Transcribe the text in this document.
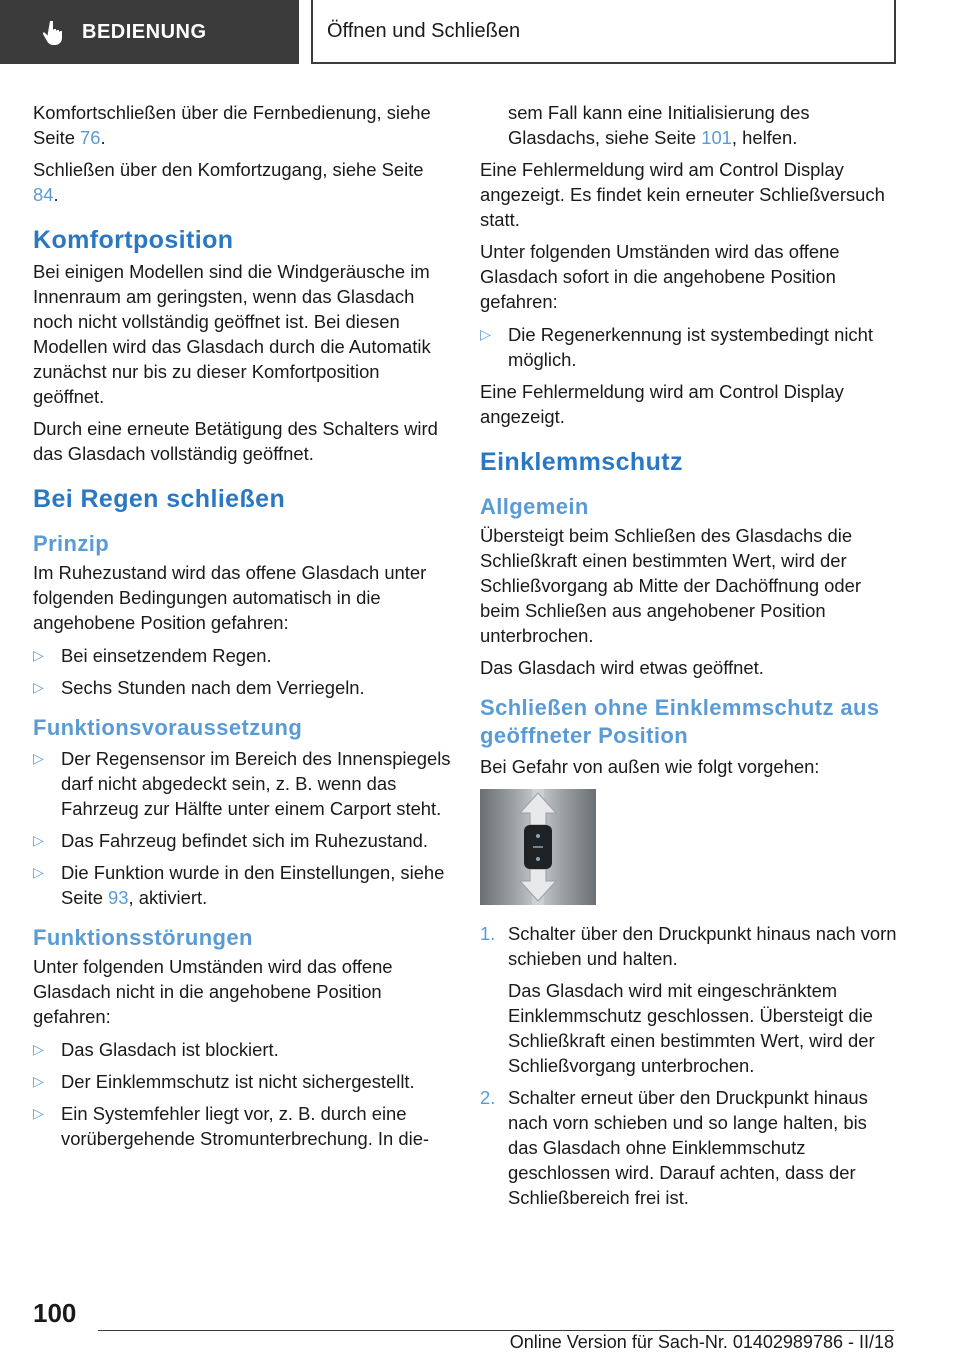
BEDIENUNG	Öffnen und Schließen

Komfortschließen über die Fernbedienung, siehe Seite 76.

Schließen über den Komfortzugang, siehe Seite 84.

Komfortposition

Bei einigen Modellen sind die Windgeräusche im Innenraum am geringsten, wenn das Glasdach noch nicht vollständig geöffnet ist. Bei diesen Modellen wird das Glasdach durch die Automatik zunächst nur bis zu dieser Komfortposition geöffnet.

Durch eine erneute Betätigung des Schalters wird das Glasdach vollständig geöffnet.

Bei Regen schließen
Prinzip

Im Ruhezustand wird das offene Glasdach unter folgenden Bedingungen automatisch in die angehobene Position gefahren:

▷ Bei einsetzendem Regen.
▷ Sechs Stunden nach dem Verriegeln.
Funktionsvoraussetzung
▷ Der Regensensor im Bereich des Innenspiegels darf nicht abgedeckt sein, z. B. wenn das Fahrzeug zur Hälfte unter einem Carport steht.
▷ Das Fahrzeug befindet sich im Ruhezustand.
▷ Die Funktion wurde in den Einstellungen, siehe Seite 93, aktiviert.
Funktionsstörungen

Unter folgenden Umständen wird das offene Glasdach nicht in die angehobene Position gefahren:

▷ Das Glasdach ist blockiert.
▷ Der Einklemmschutz ist nicht sichergestellt.
▷ Ein Systemfehler liegt vor, z. B. durch eine vorübergehende Stromunterbrechung. In die-

sem Fall kann eine Initialisierung des Glasdachs, siehe Seite 101, helfen.

Eine Fehlermeldung wird am Control Display angezeigt. Es findet kein erneuter Schließversuch statt.

Unter folgenden Umständen wird das offene Glasdach sofort in die angehobene Position gefahren:

▷ Die Regenerkennung ist systembedingt nicht möglich.

Eine Fehlermeldung wird am Control Display angezeigt.

Einklemmschutz
Allgemein

Übersteigt beim Schließen des Glasdachs die Schließkraft einen bestimmten Wert, wird der Schließvorgang ab Mitte der Dachöffnung oder beim Schließen aus angehobener Position unterbrochen.

Das Glasdach wird etwas geöffnet.

Schließen ohne Einklemmschutz aus geöffneter Position

Bei Gefahr von außen wie folgt vorgehen:

1. Schalter über den Druckpunkt hinaus nach vorn schieben und halten.

Das Glasdach wird mit eingeschränktem Einklemmschutz geschlossen. Übersteigt die Schließkraft einen bestimmten Wert, wird der Schließvorgang unterbrochen.

2. Schalter erneut über den Druckpunkt hinaus nach vorn schieben und so lange halten, bis das Glasdach ohne Einklemmschutz geschlossen wird. Darauf achten, dass der Schließbereich frei ist.
100
Online Version für Sach-Nr. 01402989786 - II/18
